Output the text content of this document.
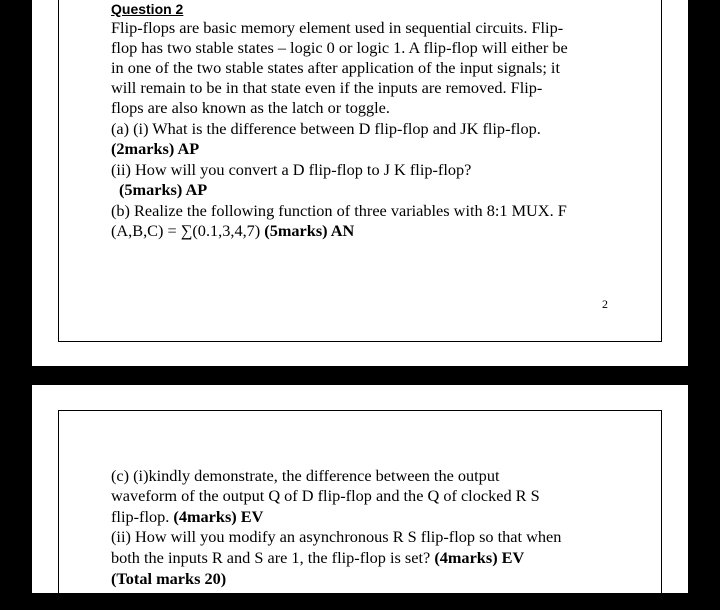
Question 2
Flip-flops are basic memory element used in sequential circuits. Flip-
flop has two stable states – logic 0 or logic 1. A flip-flop will either be
in one of the two stable states after application of the input signals; it
will remain to be in that state even if the inputs are removed. Flip-
flops are also known as the latch or toggle.
(a) (i) What is the difference between D flip-flop and JK flip-flop.
(2marks) AP
(ii) How will you convert a D flip-flop to J K flip-flop?
(5marks) AP
(b) Realize the following function of three variables with 8:1 MUX. F
(A,B,C) = ∑(0.1,3,4,7) (5marks) AN
2
(c) (i)kindly demonstrate, the difference between the output
waveform of the output Q of D flip-flop and the Q of clocked R S
flip-flop. (4marks) EV
(ii) How will you modify an asynchronous R S flip-flop so that when
both the inputs R and S are 1, the flip-flop is set? (4marks) EV
(Total marks 20)
